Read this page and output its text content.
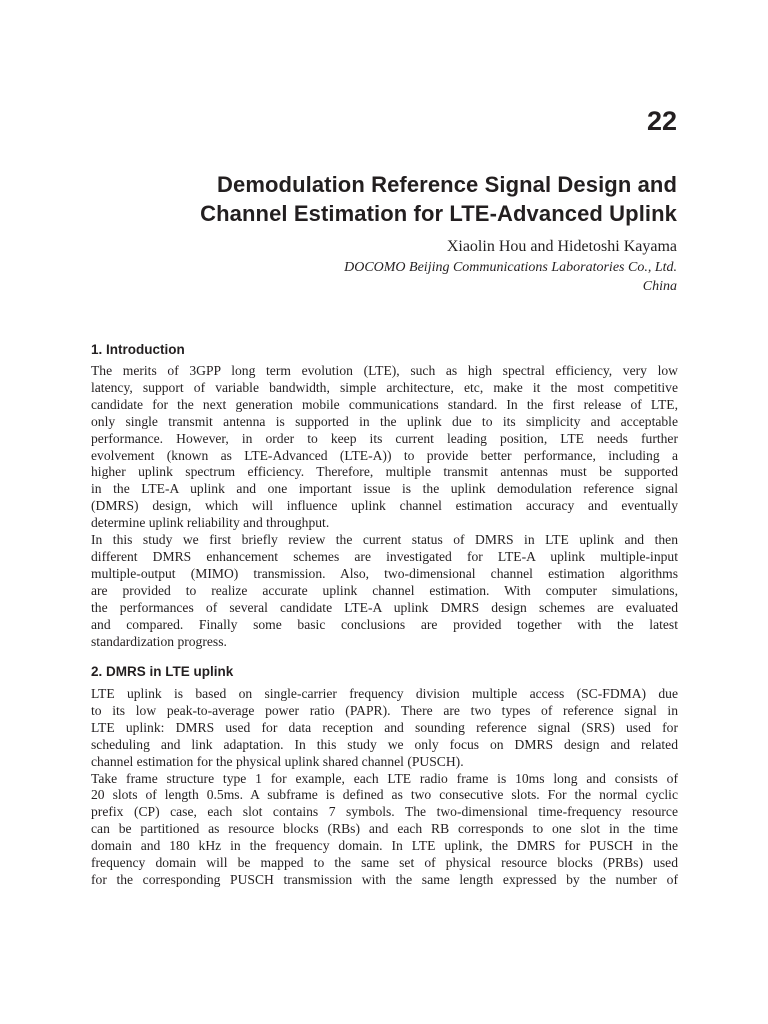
22
Demodulation Reference Signal Design and
Channel Estimation for LTE-Advanced Uplink
Xiaolin Hou and Hidetoshi Kayama
DOCOMO Beijing Communications Laboratories Co., Ltd.
China
1. Introduction
The merits of 3GPP long term evolution (LTE), such as high spectral efficiency, very low
latency, support of variable bandwidth, simple architecture, etc, make it the most competitive
candidate for the next generation mobile communications standard. In the first release of LTE,
only single transmit antenna is supported in the uplink due to its simplicity and acceptable
performance. However, in order to keep its current leading position, LTE needs further
evolvement (known as LTE-Advanced (LTE-A)) to provide better performance, including a
higher uplink spectrum efficiency. Therefore, multiple transmit antennas must be supported
in the LTE-A uplink and one important issue is the uplink demodulation reference signal
(DMRS) design, which will influence uplink channel estimation accuracy and eventually
determine uplink reliability and throughput.
In this study we first briefly review the current status of DMRS in LTE uplink and then
different DMRS enhancement schemes are investigated for LTE-A uplink multiple-input
multiple-output (MIMO) transmission. Also, two-dimensional channel estimation algorithms
are provided to realize accurate uplink channel estimation. With computer simulations,
the performances of several candidate LTE-A uplink DMRS design schemes are evaluated
and compared. Finally some basic conclusions are provided together with the latest
standardization progress.
2. DMRS in LTE uplink
LTE uplink is based on single-carrier frequency division multiple access (SC-FDMA) due
to its low peak-to-average power ratio (PAPR). There are two types of reference signal in
LTE uplink: DMRS used for data reception and sounding reference signal (SRS) used for
scheduling and link adaptation. In this study we only focus on DMRS design and related
channel estimation for the physical uplink shared channel (PUSCH).
Take frame structure type 1 for example, each LTE radio frame is 10ms long and consists of
20 slots of length 0.5ms. A subframe is defined as two consecutive slots. For the normal cyclic
prefix (CP) case, each slot contains 7 symbols. The two-dimensional time-frequency resource
can be partitioned as resource blocks (RBs) and each RB corresponds to one slot in the time
domain and 180 kHz in the frequency domain. In LTE uplink, the DMRS for PUSCH in the
frequency domain will be mapped to the same set of physical resource blocks (PRBs) used
for the corresponding PUSCH transmission with the same length expressed by the number of
